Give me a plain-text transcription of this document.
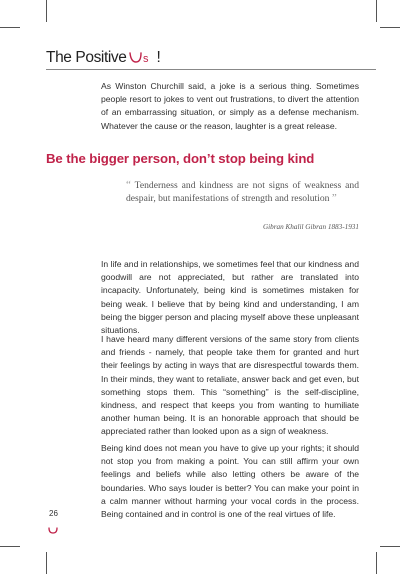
The Positive s !

As Winston Churchill said, a joke is a serious thing. Sometimes people resort to jokes to vent out frustrations, to divert the attention of an embarrassing situation, or simply as a defense mechanism. Whatever the cause or the reason, laughter is a great release.

Be the bigger person, don’t stop being kind

“ Tenderness and kindness are not signs of weakness and despair, but manifestations of strength and resolution ”

Gibran Khalil Gibran 1883-1931

In life and in relationships, we sometimes feel that our kindness and goodwill are not appreciated, but rather are translated into incapacity. Unfortunately, being kind is sometimes mistaken for being weak. I believe that by being kind and understanding, I am being the bigger person and placing myself above these unpleasant situations.

I have heard many different versions of the same story from clients and friends - namely, that people take them for granted and hurt their feelings by acting in ways that are disrespectful towards them. In their minds, they want to retaliate, answer back and get even, but something stops them. This “something” is the self-discipline, kindness, and respect that keeps you from wanting to humiliate another human being. It is an honorable approach that should be appreciated rather than looked upon as a sign of weakness.

Being kind does not mean you have to give up your rights; it should not stop you from making a point. You can still affirm your own feelings and beliefs while also letting others be aware of the boundaries. Who says louder is better? You can make your point in a calm manner without harming your vocal cords in the process. Being contained and in control is one of the real virtues of life.

26
